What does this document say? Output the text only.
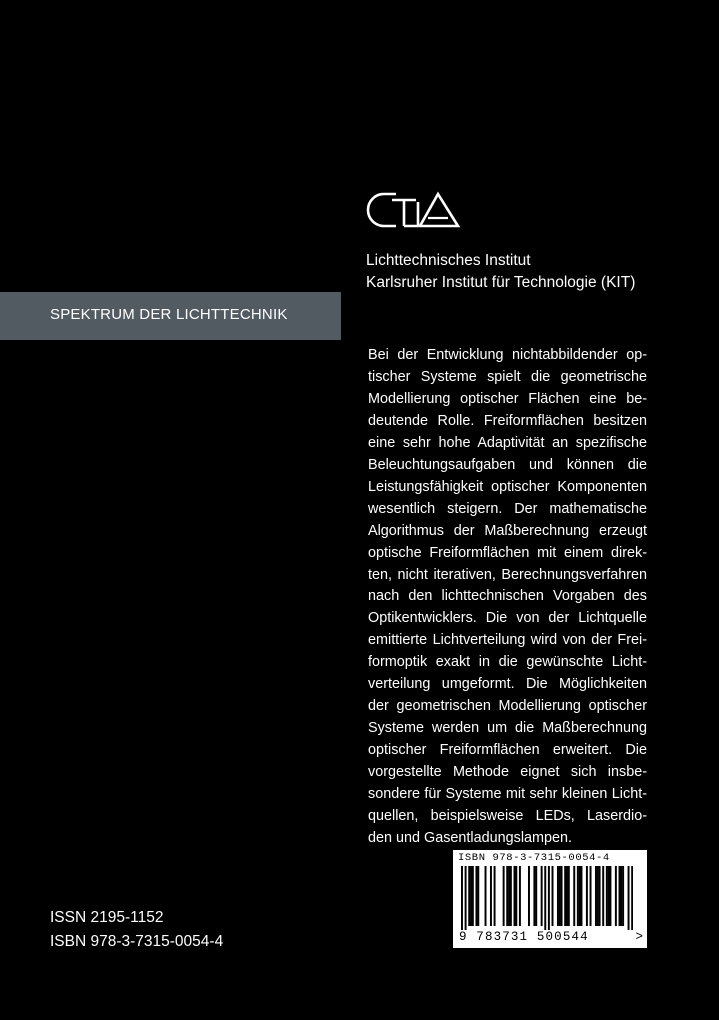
Lichttechnisches Institut
Karlsruher Institut für Technologie (KIT)
SPEKTRUM DER LICHTTECHNIK
Bei der Entwicklung nichtabbildender op-
tischer Systeme spielt die geometrische
Modellierung optischer Flächen eine be-
deutende Rolle. Freiformflächen besitzen
eine sehr hohe Adaptivität an spezifische
Beleuchtungsaufgaben und können die
Leistungsfähigkeit optischer Komponenten
wesentlich steigern. Der mathematische
Algorithmus der Maßberechnung erzeugt
optische Freiformflächen mit einem direk-
ten, nicht iterativen, Berechnungsverfahren
nach den lichttechnischen Vorgaben des
Optikentwicklers. Die von der Lichtquelle
emittierte Lichtverteilung wird von der Frei-
formoptik exakt in die gewünschte Licht-
verteilung umgeformt. Die Möglichkeiten
der geometrischen Modellierung optischer
Systeme werden um die Maßberechnung
optischer Freiformflächen erweitert. Die
vorgestellte Methode eignet sich insbe-
sondere für Systeme mit sehr kleinen Licht-
quellen, beispielsweise LEDs, Laserdio-
den und Gasentladungslampen.
ISBN 978-3-7315-0054-4
9 783731 500544	>
ISSN 2195-1152
ISBN 978-3-7315-0054-4
